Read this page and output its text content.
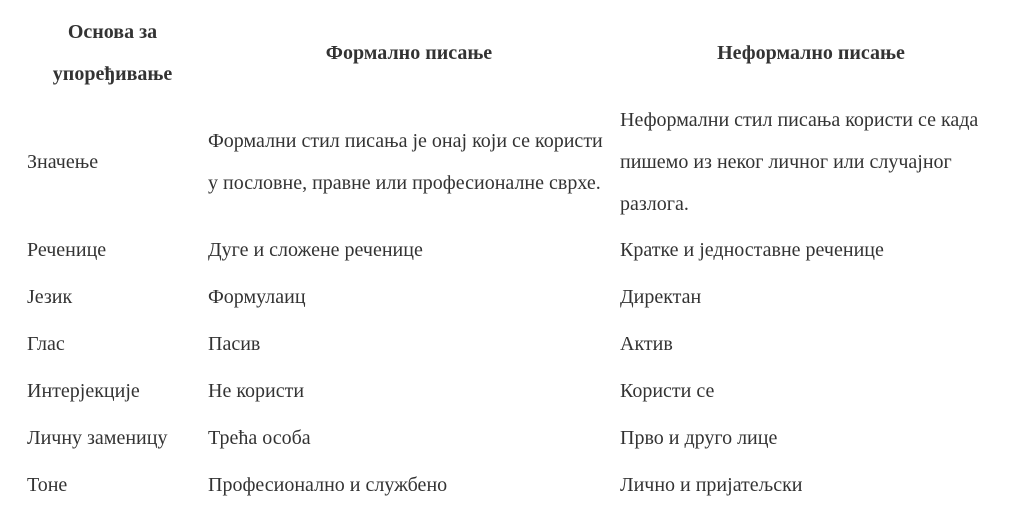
Основа за упоређивање	Формално писање	Неформално писање
Значење	Формални стил писања је онај који се користи у пословне, правне или професионалне сврхе.	Неформални стил писања користи се када пишемо из неког личног или случајног разлога.
Реченице	Дуге и сложене реченице	Кратке и једноставне реченице
Језик	Формулаиц	Директан
Глас	Пасив	Актив
Интерјекције	Не користи	Користи се
Личну заменицу	Трећа особа	Прво и друго лице
Тоне	Професионално и службено	Лично и пријатељски
